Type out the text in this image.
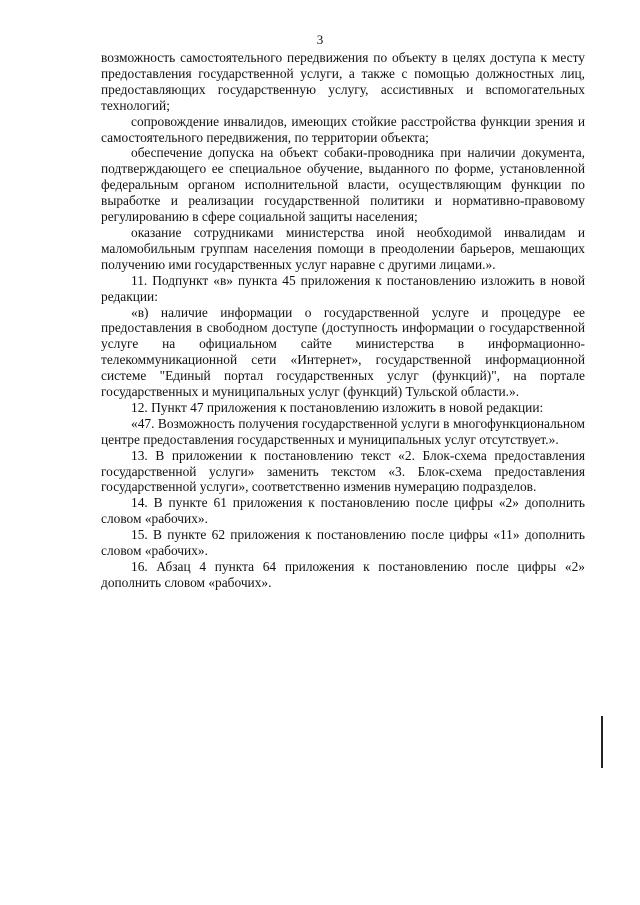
3

возможность самостоятельного передвижения по объекту в целях доступа к месту предоставления государственной услуги, а также с помощью должностных лиц, предоставляющих государственную услугу, ассистивных и вспомогательных технологий;

сопровождение инвалидов, имеющих стойкие расстройства функции зрения и самостоятельного передвижения, по территории объекта;

обеспечение допуска на объект собаки-проводника при наличии документа, подтверждающего ее специальное обучение, выданного по форме, установленной федеральным органом исполнительной власти, осуществляющим функции по выработке и реализации государственной политики и нормативно-правовому регулированию в сфере социальной защиты населения;

оказание сотрудниками министерства иной необходимой инвалидам и маломобильным группам населения помощи в преодолении барьеров, мешающих получению ими государственных услуг наравне с другими лицами.».

11. Подпункт «в» пункта 45 приложения к постановлению изложить в новой редакции:

«в) наличие информации о государственной услуге и процедуре ее предоставления в свободном доступе (доступность информации о государственной услуге на официальном сайте министерства в информационно-телекоммуникационной сети «Интернет», государственной информационной системе "Единый портал государственных услуг (функций)", на портале государственных и муниципальных услуг (функций) Тульской области.».

12. Пункт 47 приложения к постановлению изложить в новой редакции:

«47. Возможность получения государственной услуги в многофункциональном центре предоставления государственных и муниципальных услуг отсутствует.».

13. В приложении к постановлению текст «2. Блок-схема предоставления государственной услуги» заменить текстом «3. Блок-схема предоставления государственной услуги», соответственно изменив нумерацию подразделов.

14. В пункте 61 приложения к постановлению после цифры «2» дополнить словом «рабочих».

15. В пункте 62 приложения к постановлению после цифры «11» дополнить словом «рабочих».

16. Абзац 4 пункта 64 приложения к постановлению после цифры «2» дополнить словом «рабочих».
